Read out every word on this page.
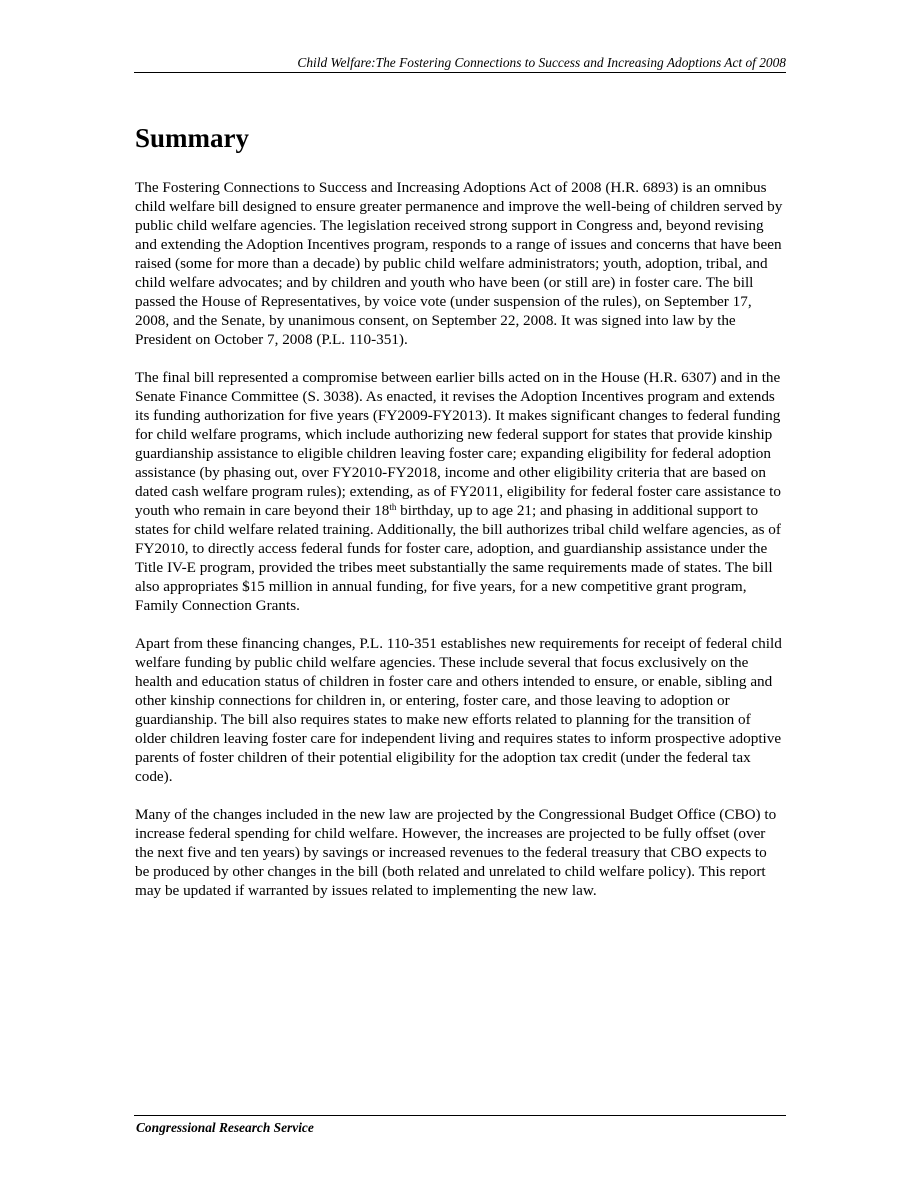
Child Welfare:The Fostering Connections to Success and Increasing Adoptions Act of 2008
Summary

The Fostering Connections to Success and Increasing Adoptions Act of 2008 (H.R. 6893) is an omnibus child welfare bill designed to ensure greater permanence and improve the well-being of children served by public child welfare agencies. The legislation received strong support in Congress and, beyond revising and extending the Adoption Incentives program, responds to a range of issues and concerns that have been raised (some for more than a decade) by public child welfare administrators; youth, adoption, tribal, and child welfare advocates; and by children and youth who have been (or still are) in foster care. The bill passed the House of Representatives, by voice vote (under suspension of the rules), on September 17, 2008, and the Senate, by unanimous consent, on September 22, 2008. It was signed into law by the President on October 7, 2008 (P.L. 110-351).

The final bill represented a compromise between earlier bills acted on in the House (H.R. 6307) and in the Senate Finance Committee (S. 3038). As enacted, it revises the Adoption Incentives program and extends its funding authorization for five years (FY2009-FY2013). It makes significant changes to federal funding for child welfare programs, which include authorizing new federal support for states that provide kinship guardianship assistance to eligible children leaving foster care; expanding eligibility for federal adoption assistance (by phasing out, over FY2010-FY2018, income and other eligibility criteria that are based on dated cash welfare program rules); extending, as of FY2011, eligibility for federal foster care assistance to youth who remain in care beyond their 18th birthday, up to age 21; and phasing in additional support to states for child welfare related training. Additionally, the bill authorizes tribal child welfare agencies, as of FY2010, to directly access federal funds for foster care, adoption, and guardianship assistance under the Title IV-E program, provided the tribes meet substantially the same requirements made of states. The bill also appropriates $15 million in annual funding, for five years, for a new competitive grant program, Family Connection Grants.

Apart from these financing changes, P.L. 110-351 establishes new requirements for receipt of federal child welfare funding by public child welfare agencies. These include several that focus exclusively on the health and education status of children in foster care and others intended to ensure, or enable, sibling and other kinship connections for children in, or entering, foster care, and those leaving to adoption or guardianship. The bill also requires states to make new efforts related to planning for the transition of older children leaving foster care for independent living and requires states to inform prospective adoptive parents of foster children of their potential eligibility for the adoption tax credit (under the federal tax code).

Many of the changes included in the new law are projected by the Congressional Budget Office (CBO) to increase federal spending for child welfare. However, the increases are projected to be fully offset (over the next five and ten years) by savings or increased revenues to the federal treasury that CBO expects to be produced by other changes in the bill (both related and unrelated to child welfare policy). This report may be updated if warranted by issues related to implementing the new law.

Congressional Research Service
